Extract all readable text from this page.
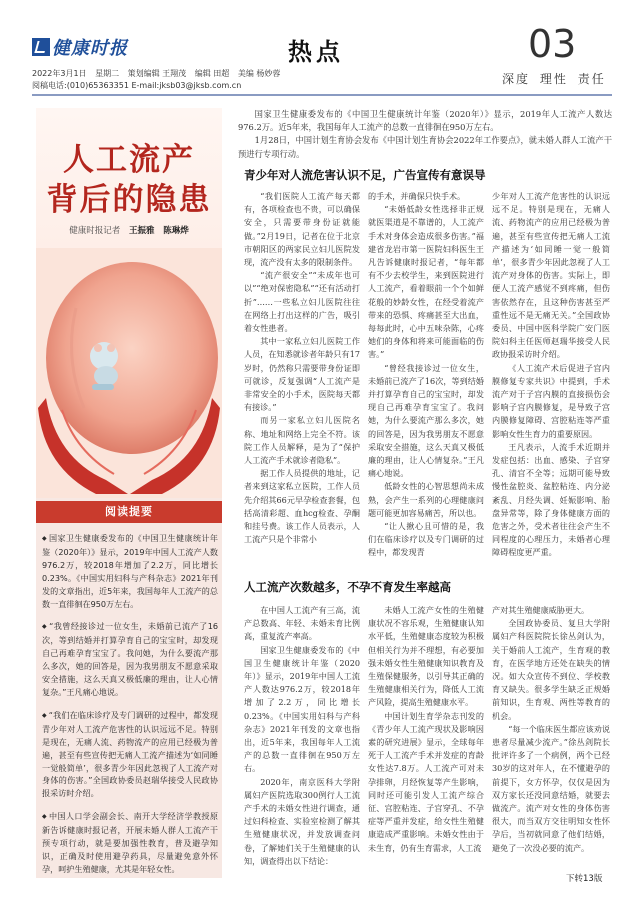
健康时报	热点	03
2022年3月1日 星期二 策划编辑 王翔茂 编辑 田超 美编 杨妙蓉
阅稿电话:(010)65363351 E-mail:jksb03@jksb.com.cn	深度 理性 责任
人工流产
背后的隐患
健康时报记者 王振雅 陈琳烨
阅读提要

◆ 国家卫生健康委发布的《中国卫生健康统计年鉴（2020年）》显示，2019年中国人工流产人数976.2万，较2018年增加了2.2万，同比增长0.23%。《中国实用妇科与产科杂志》2021年刊发的文章指出，近5年来，我国每年人工流产的总数一直徘徊在950万左右。

◆ “我曾经接诊过一位女生，未婚前已流产了16次，等到结婚并打算孕育自己的宝宝时，却发现自己再难孕育宝宝了。我问她，为什么要流产那么多次，她的回答是，因为我男朋友不愿意采取安全措施，这么天真又极低廉的理由，让人心情复杂。”王凡痛心地说。

◆ “我们在临床诊疗及专门调研的过程中，都发现青少年对人工流产危害性的认识远远不足。特别是现在，无痛人流、药物流产的应用已经极为普遍，甚至有些宣传把无痛人工流产描述为‘如同睡一觉般简单’，很多青少年因此忽视了人工流产对身体的伤害。”全国政协委员赵瑞华接受人民政协报采访时介绍。

◆ 中国人口学会副会长、南开大学经济学教授原新告诉健康时报记者，开展未婚人群人工流产干预专项行动，就是要加强性教育，普及避孕知识，正确及时使用避孕药具，尽量避免意外怀孕，呵护生殖健康，尤其是年轻女性。

国家卫生健康委发布的《中国卫生健康统计年鉴（2020年）》显示，2019年人工流产人数达976.2万。近5年来，我国每年人工流产的总数一直徘徊在950万左右。

1月28日，中国计划生育协会发布《中国计划生育协会2022年工作要点》，就未婚人群人工流产干预进行专项行动。

青少年对人流危害认识不足，广告宣传有意误导

“我们医院人工流产每天都有，各项检查也不贵，可以确保安全，只需要带身份证就能做。”2月19日，记者在位于北京市朝阳区的两家民立妇儿医院发现，流产没有太多的限制条件。

“流产很安全”“未成年也可以”“绝对保密隐私”“还有活动打折”……一些私立妇儿医院往往在网络上打出这样的广告，吸引着女性患者。

其中一家私立妇儿医院工作人员，在知悉就诊者年龄只有17岁时，仍然称只需要带身份证即可就诊，反复强调“人工流产是非常安全的小手术，医院每天都有接诊。”

而另一家私立妇儿医院名称、地址和网络上完全不符。该院工作人员解释，是为了“保护人工流产手术就诊者隐私”。

据工作人员提供的地址，记者来到这家私立医院，工作人员先介绍其66元早孕检查套餐，包括高清彩超、血hcg检查、孕酮和挂号费。该工作人员表示，人工流产只是个非常小

的手术，并确保只快手术。

“未婚低龄女性选择非正规就医渠道是不靠谱的，人工流产手术对身体会造成很多伤害。”福建省龙岩市第一医院妇科医生王凡告诉健康时报记者，“每年都有不少去校学生，来到医院进行人工流产，看着眼前一个个如鲜花般的妙龄女性，在经受着流产带来的恐惧、疼痛甚至大出血，每每此时，心中五味杂陈，心疼她们的身体和将来可能面临的伤害。”

“曾经我接诊过一位女生，未婚前已流产了16次，等到结婚并打算孕育自己的宝宝时，却发现自己再难孕育宝宝了。我问她，为什么要流产那么多次，她的回答是，因为我男朋友不愿意采取安全措施，这么天真又极低廉的理由，让人心情复杂。”王凡痛心地说。

低龄女性的心智思想尚未成熟，会产生一系列的心理健康问题可能更加容易痛苦，所以也。

“让人揪心且可惜的是，我们在临床诊疗以及专门调研的过程中，都发现青

少年对人工流产危害性的认识远远不足。特别是现在，无痛人流、药物流产的应用已经极为普遍，甚至有些宣传把无痛人工流产描述为‘如同睡一觉一般简单’，很多青少年因此忽视了人工流产对身体的伤害。实际上，即便人工流产感觉不到疼痛，但伤害依然存在，且这种伤害甚至严重性远不是无痛无关。”全国政协委员、中国中医科学院广安门医院妇科主任医师赵瑞华接受人民政协报采访时介绍。

《人工流产术后促进子宫内膜修复专家共识》中提到，手术流产对于子宫内膜的直接损伤会影响子宫内膜修复，是导致子宫内膜修复障碍、宫腔粘连等严重影响女性生育力的重要原因。

王凡表示，人流手术近期并发症包括：出血、感染、子宫穿孔、清宫不全等；远期可能导致慢性盆腔炎、盆腔粘连、内分泌紊乱、月经失调、妊娠影响、胎盘异常等，除了身体健康方面的危害之外，受术者往往会产生不同程度的心理压力，未婚者心理障碍程度更严重。

人工流产次数越多，不孕不育发生率越高

在中国人工流产有三高，流产总数高、年轻、未婚未育比例高，重复流产率高。

国家卫生健康委发布的《中国卫生健康统计年鉴（2020年）》显示，2019年中国人工流产人数达976.2万，较2018年增加了2.2万，同比增长0.23%。《中国实用妇科与产科杂志》2021年刊发的文章也指出，近5年来，我国每年人工流产的总数一直徘徊在950万左右。

2020年，南京医科大学附属妇产医院选取300例行人工流产手术的未婚女性进行调查，通过妇科检查、实验室检测了解其生殖健康状况，并发放调查问卷，了解她们关于生殖健康的认知，调查得出以下结论：

未婚人工流产女性的生殖健康状况不容乐观，生殖健康认知水平低，生殖健康态度较为积极但相关行为并不理想，有必要加强未婚女性生殖健康知识教育及生殖保健服务，以引导其正确的生殖健康相关行为，降低人工流产风险，提高生殖健康水平。

中国计划生育学杂志刊发的《青少年人工流产现状及影响因素的研究进展》显示，全球每年死于人工流产手术并发症的育龄女性达7.8万。人工流产可对未孕排卵，月经恢复等产生影响，同时还可能引发人工流产综合征、宫腔粘连、子宫穿孔、不孕症等严重并发症，给女性生殖健康造成严重影响。未婚女性由于未生育，仍有生育需求，人工流

产对其生殖健康威胁更大。

全国政协委员、复旦大学附属妇产科医院院长徐丛剑认为，关于婚前人工流产，生育观的教育，在医学地方还处在缺失的情况。如大众宣传不到位、学校教育又缺失。很多学生缺乏正规婚前知识，生育观、两性等教育的机会。

“每一个临床医生都应该劝说患者尽量减少流产。”徐丛剑院长批评许多了一个病例，两个已经30岁的这对年人，在不懂避孕的前提下，女方怀孕，仅仅是因为双方家长还没同意结婚，就要去做流产。流产对女性的身体伤害很大，而当双方交往明知女性怀孕后，当初就同意了他们结婚，避免了一次没必要的流产。

下转13版
